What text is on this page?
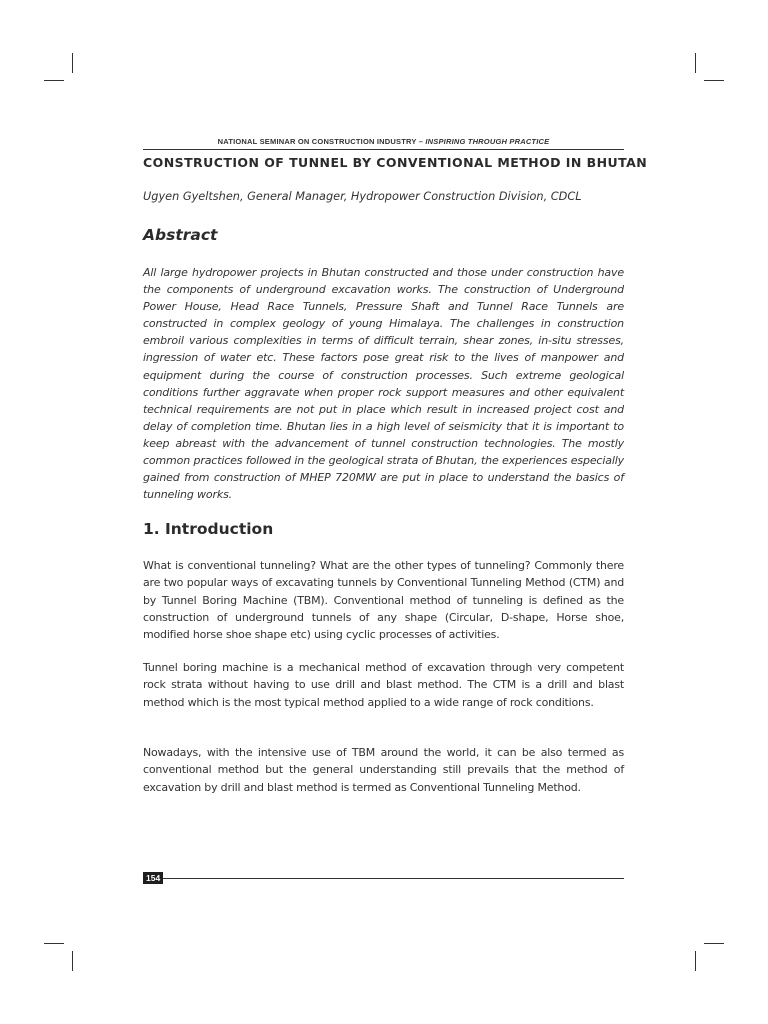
NATIONAL SEMINAR ON CONSTRUCTION INDUSTRY – INSPIRING THROUGH PRACTICE
CONSTRUCTION OF TUNNEL BY CONVENTIONAL METHOD IN BHUTAN
Ugyen Gyeltshen, General Manager, Hydropower Construction Division, CDCL
Abstract
All large hydropower projects in Bhutan constructed and those under construction have the components of underground excavation works. The construction of Underground Power House, Head Race Tunnels, Pressure Shaft and Tunnel Race Tunnels are constructed in complex geology of young Himalaya. The challenges in construction embroil various complexities in terms of difficult terrain, shear zones, in-situ stresses, ingression of water etc. These factors pose great risk to the lives of manpower and equipment during the course of construction processes. Such extreme geological conditions further aggravate when proper rock support measures and other equivalent technical requirements are not put in place which result in increased project cost and delay of completion time. Bhutan lies in a high level of seismicity that it is important to keep abreast with the advancement of tunnel construction technologies. The mostly common practices followed in the geological strata of Bhutan, the experiences especially gained from construction of MHEP 720MW are put in place to understand the basics of tunneling works.
1. Introduction
What is conventional tunneling? What are the other types of tunneling? Commonly there are two popular ways of excavating tunnels by Conventional Tunneling Method (CTM) and by Tunnel Boring Machine (TBM). Conventional method of tunneling is defined as the construction of underground tunnels of any shape (Circular, D-shape, Horse shoe, modified horse shoe shape etc) using cyclic processes of activities.
Tunnel boring machine is a mechanical method of excavation through very competent rock strata without having to use drill and blast method. The CTM is a drill and blast method which is the most typical method applied to a wide range of rock conditions.
Nowadays, with the intensive use of TBM around the world, it can be also termed as conventional method but the general understanding still prevails that the method of excavation by drill and blast method is termed as Conventional Tunneling Method.
154
